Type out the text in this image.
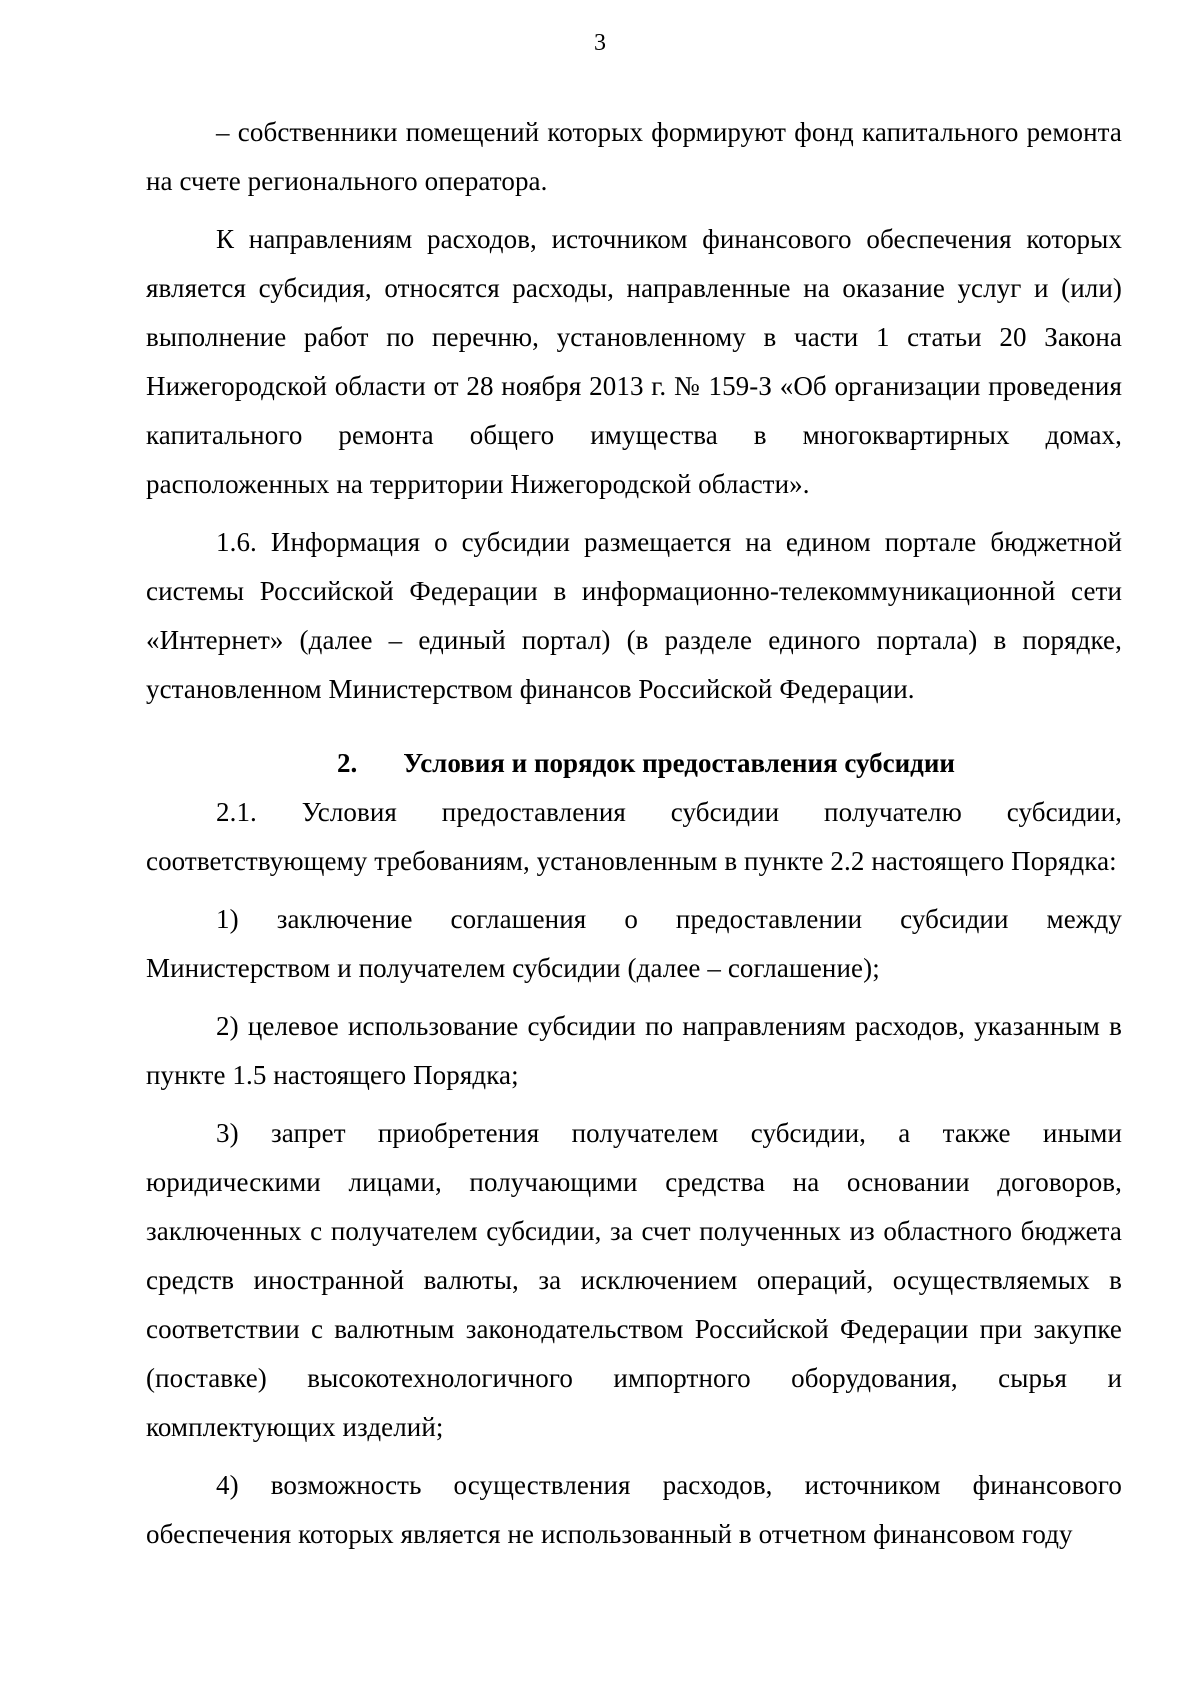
3

– собственники помещений которых формируют фонд капитального ремонта на счете регионального оператора.

К направлениям расходов, источником финансового обеспечения которых является субсидия, относятся расходы, направленные на оказание услуг и (или) выполнение работ по перечню, установленному в части 1 статьи 20 Закона Нижегородской области от 28 ноября 2013 г. № 159-З «Об организации проведения капитального ремонта общего имущества в многоквартирных домах, расположенных на территории Нижегородской области».

1.6. Информация о субсидии размещается на едином портале бюджетной системы Российской Федерации в информационно-телекоммуникационной сети «Интернет» (далее – единый портал) (в разделе единого портала) в порядке, установленном Министерством финансов Российской Федерации.

2. Условия и порядок предоставления субсидии

2.1. Условия предоставления субсидии получателю субсидии, соответствующему требованиям, установленным в пункте 2.2 настоящего Порядка:

1) заключение соглашения о предоставлении субсидии между Министерством и получателем субсидии (далее – соглашение);

2) целевое использование субсидии по направлениям расходов, указанным в пункте 1.5 настоящего Порядка;

3) запрет приобретения получателем субсидии, а также иными юридическими лицами, получающими средства на основании договоров, заключенных с получателем субсидии, за счет полученных из областного бюджета средств иностранной валюты, за исключением операций, осуществляемых в соответствии с валютным законодательством Российской Федерации при закупке (поставке) высокотехнологичного импортного оборудования, сырья и комплектующих изделий;

4) возможность осуществления расходов, источником финансового обеспечения которых является не использованный в отчетном финансовом году
